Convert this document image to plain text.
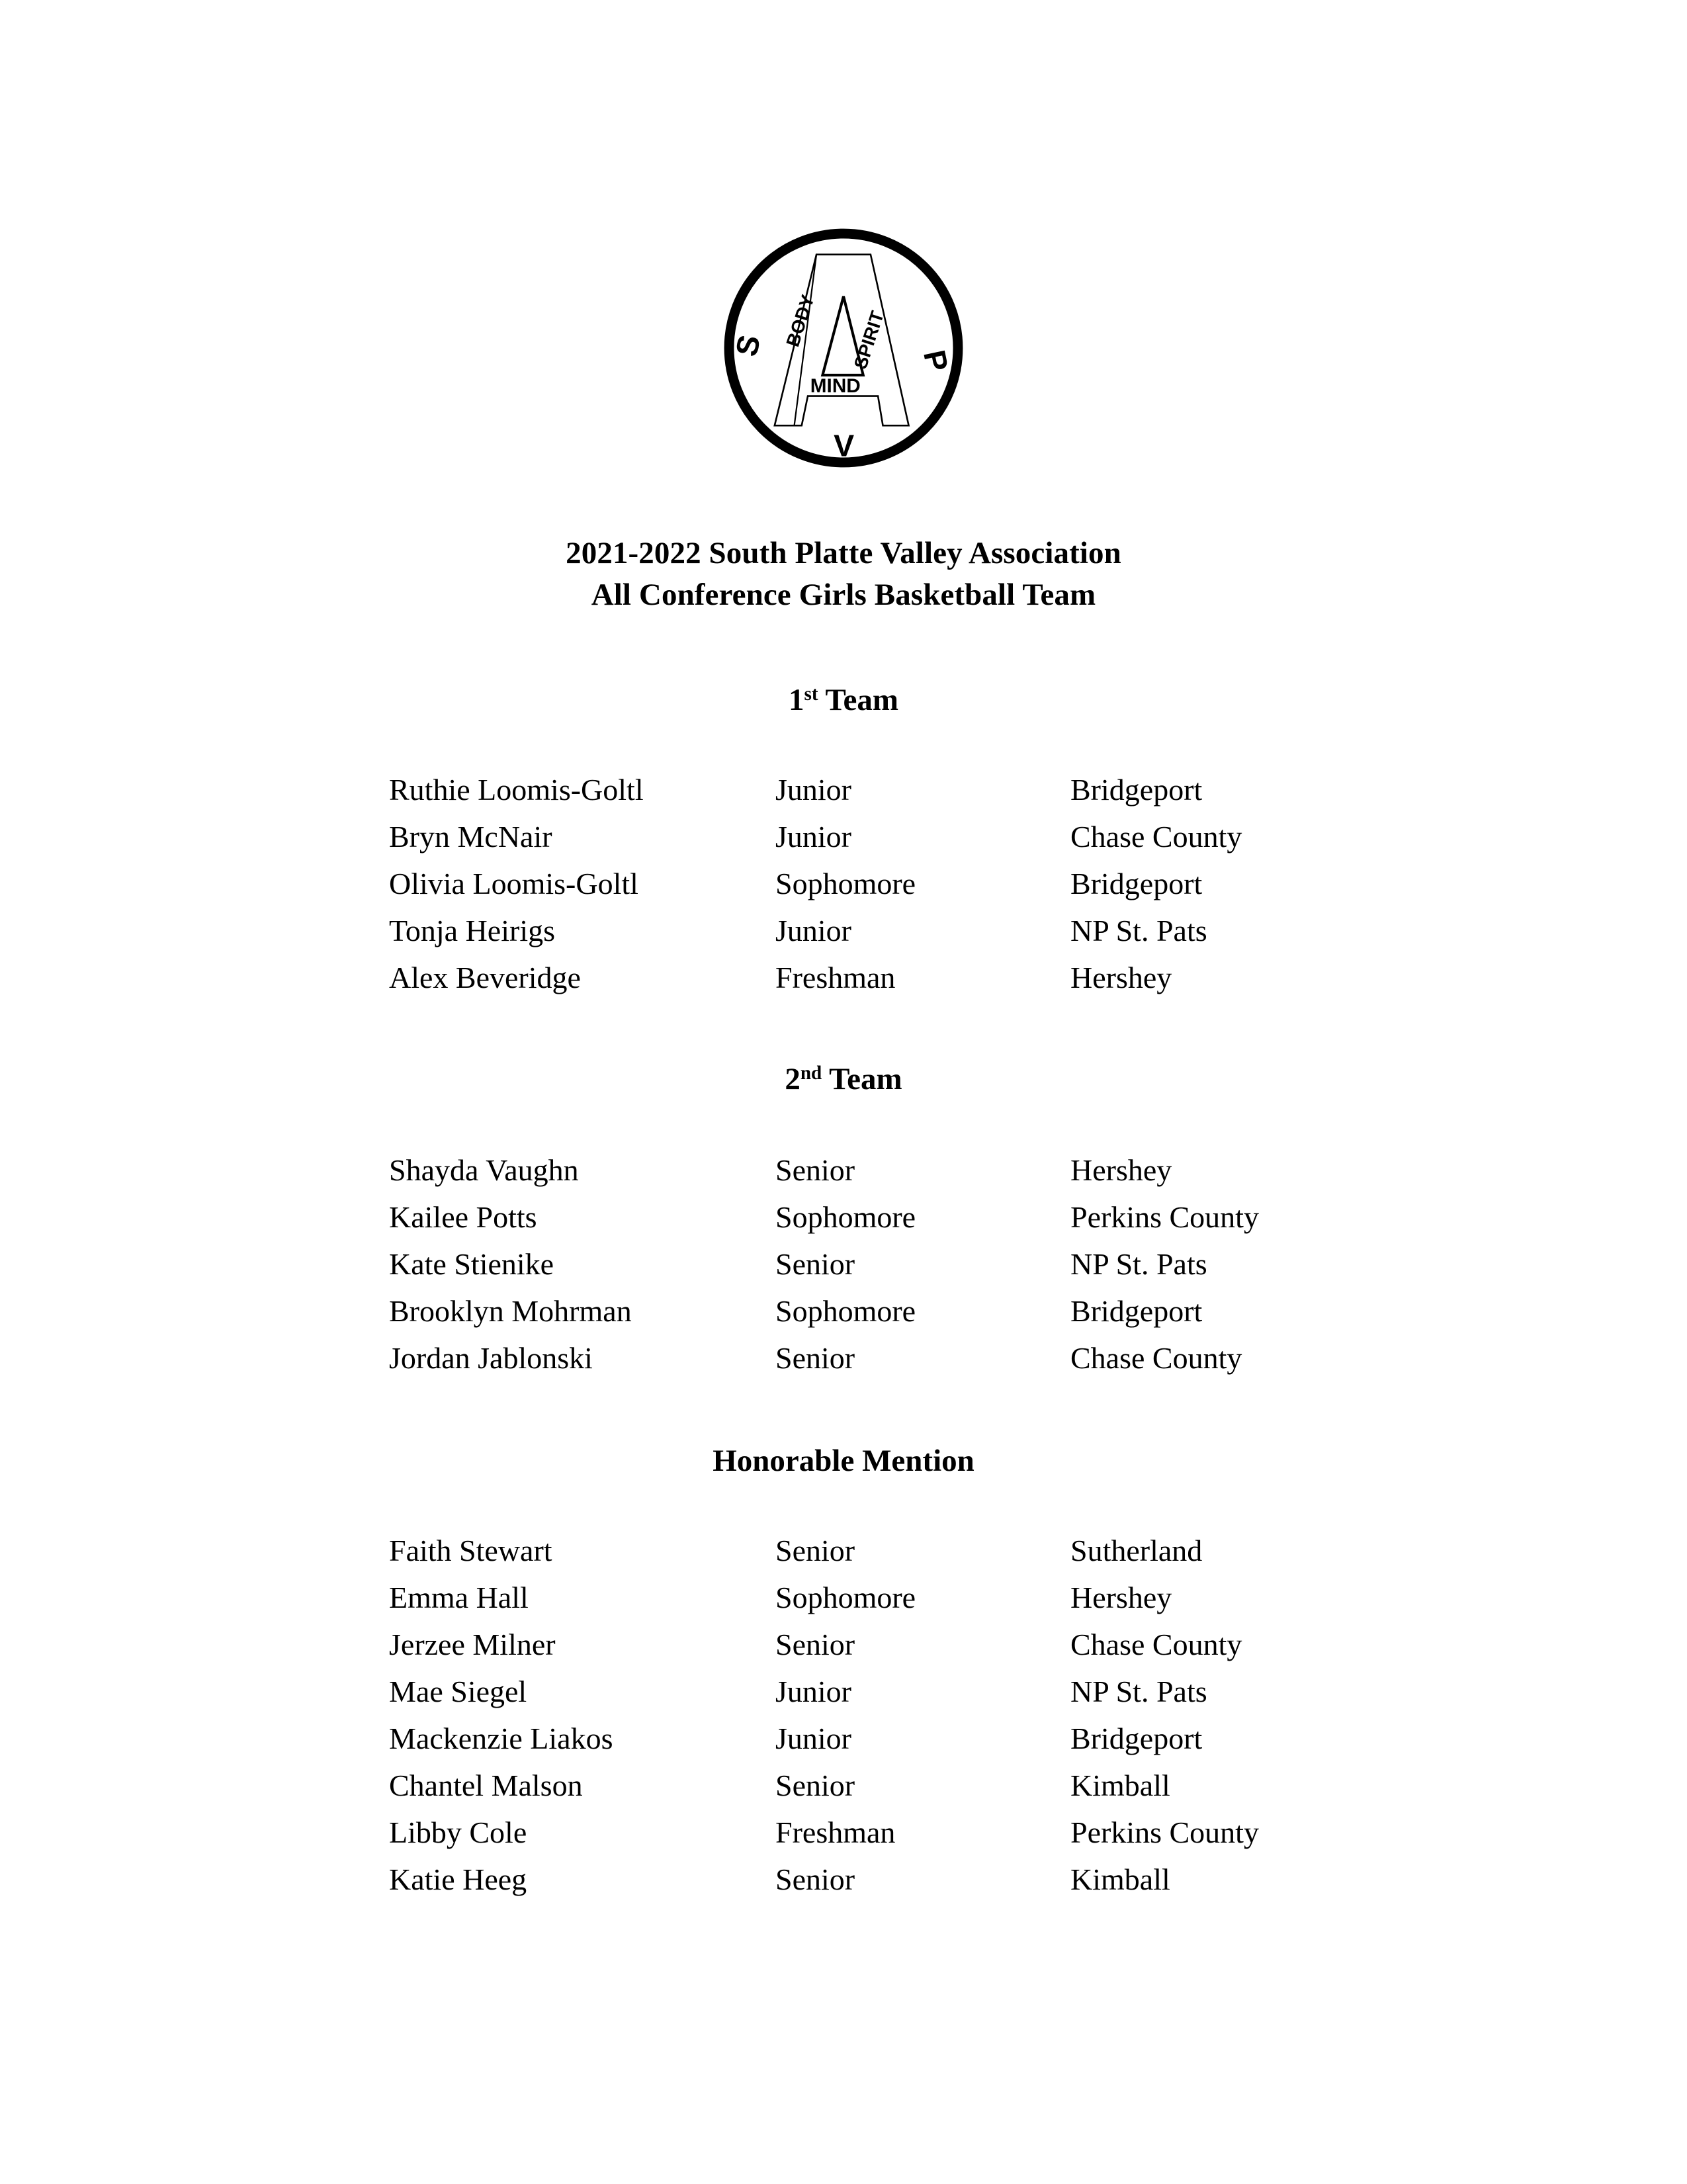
S
P
V
BODY	SPIRIT
MIND
2021-2022 South Platte Valley Association
All Conference Girls Basketball Team
1st Team
Ruthie Loomis-Goltl	Junior	Bridgeport
Bryn McNair	Junior	Chase County
Olivia Loomis-Goltl	Sophomore	Bridgeport
Tonja Heirigs	Junior	NP St. Pats
Alex Beveridge	Freshman	Hershey
2nd Team
Shayda Vaughn	Senior	Hershey
Kailee Potts	Sophomore	Perkins County
Kate Stienike	Senior	NP St. Pats
Brooklyn Mohrman	Sophomore	Bridgeport
Jordan Jablonski	Senior	Chase County
Honorable Mention
Faith Stewart	Senior	Sutherland
Emma Hall	Sophomore	Hershey
Jerzee Milner	Senior	Chase County
Mae Siegel	Junior	NP St. Pats
Mackenzie Liakos	Junior	Bridgeport
Chantel Malson	Senior	Kimball
Libby Cole	Freshman	Perkins County
Katie Heeg	Senior	Kimball
